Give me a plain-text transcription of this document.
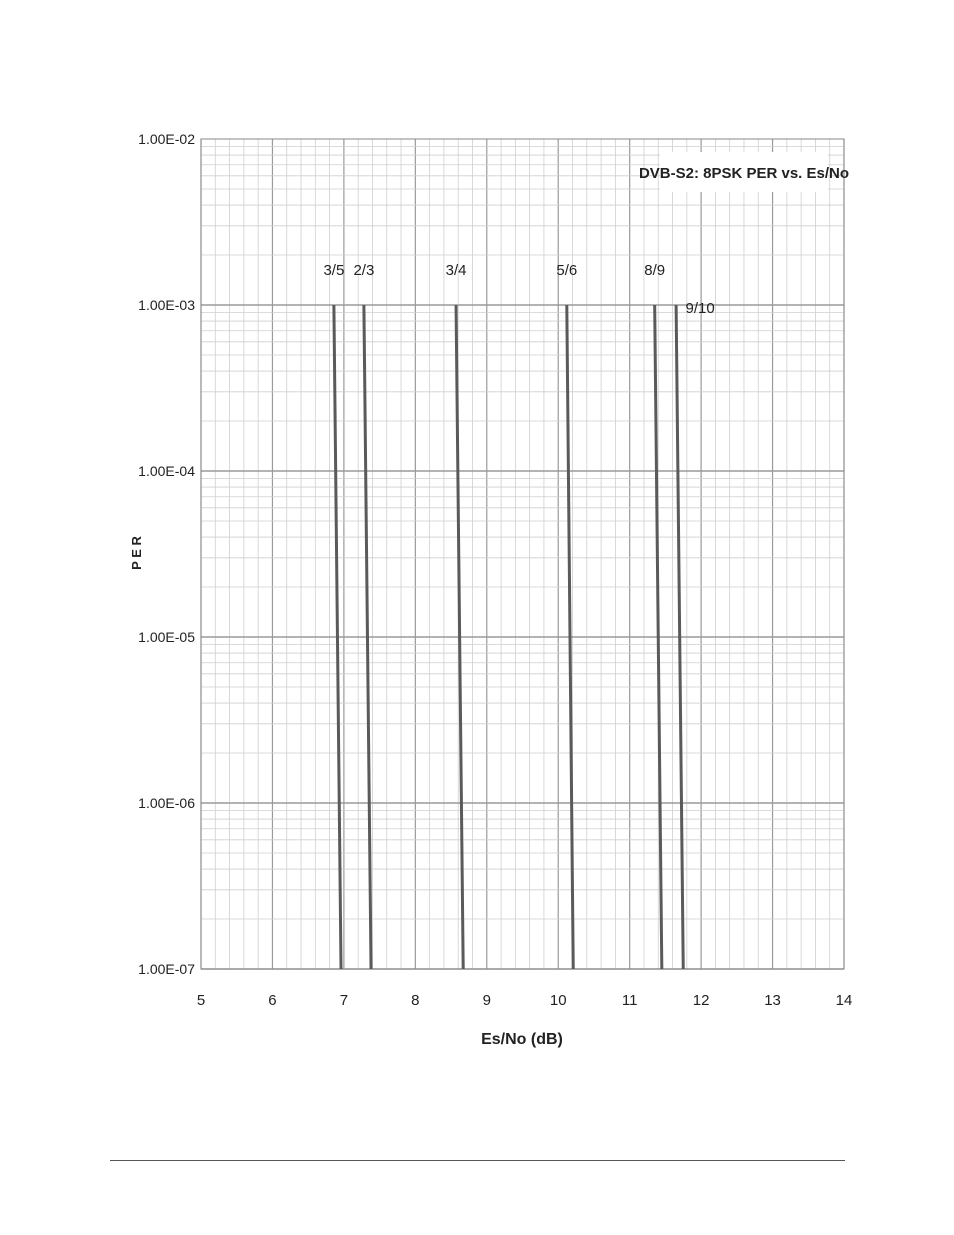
3/5 2/3	3/4	5/6	8/9
9/10
5	6	7	8	9	10	11	12	13	14
1.00E-07
1.00E-06
1.00E-05
1.00E-04
1.00E-03
1.00E-02
DVB-S2: 8PSK PER vs. Es/No
Es/No (dB)
P E R
